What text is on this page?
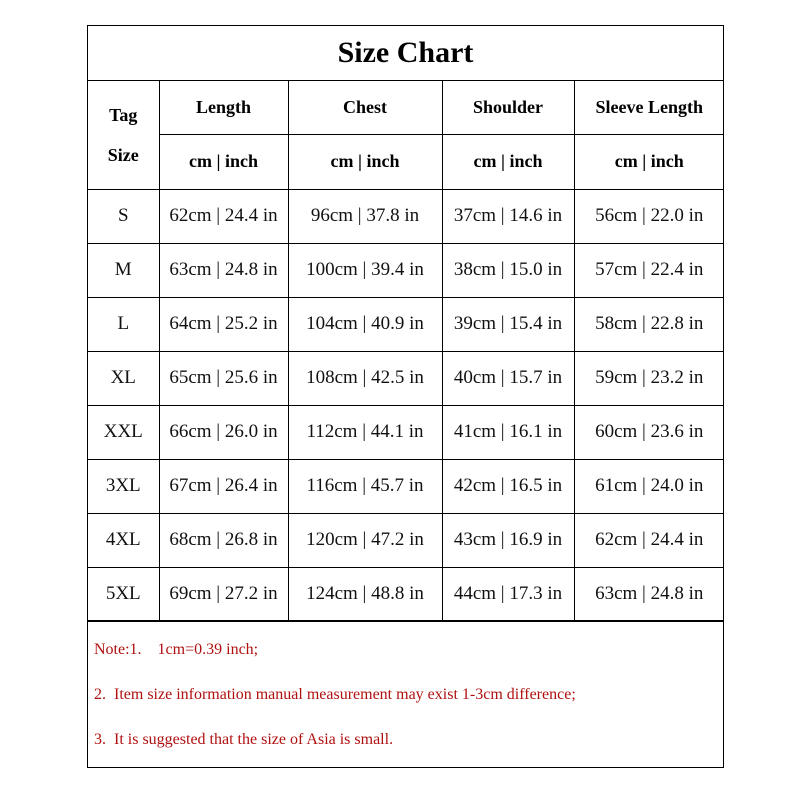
Size Chart
Tag
Size	Length	Chest	Shoulder	Sleeve Length
	cm | inch	cm | inch	cm | inch	cm | inch
S	62cm | 24.4 in	96cm | 37.8 in	37cm | 14.6 in	56cm | 22.0 in
M	63cm | 24.8 in	100cm | 39.4 in	38cm | 15.0 in	57cm | 22.4 in
L	64cm | 25.2 in	104cm | 40.9 in	39cm | 15.4 in	58cm | 22.8 in
XL	65cm | 25.6 in	108cm | 42.5 in	40cm | 15.7 in	59cm | 23.2 in
XXL	66cm | 26.0 in	112cm | 44.1 in	41cm | 16.1 in	60cm | 23.6 in
3XL	67cm | 26.4 in	116cm | 45.7 in	42cm | 16.5 in	61cm | 24.0 in
4XL	68cm | 26.8 in	120cm | 47.2 in	43cm | 16.9 in	62cm | 24.4 in
5XL	69cm | 27.2 in	124cm | 48.8 in	44cm | 17.3 in	63cm | 24.8 in
Note:1.    1cm=0.39 inch;
2.  Item size information manual measurement may exist 1-3cm difference;
3.  It is suggested that the size of Asia is small.
